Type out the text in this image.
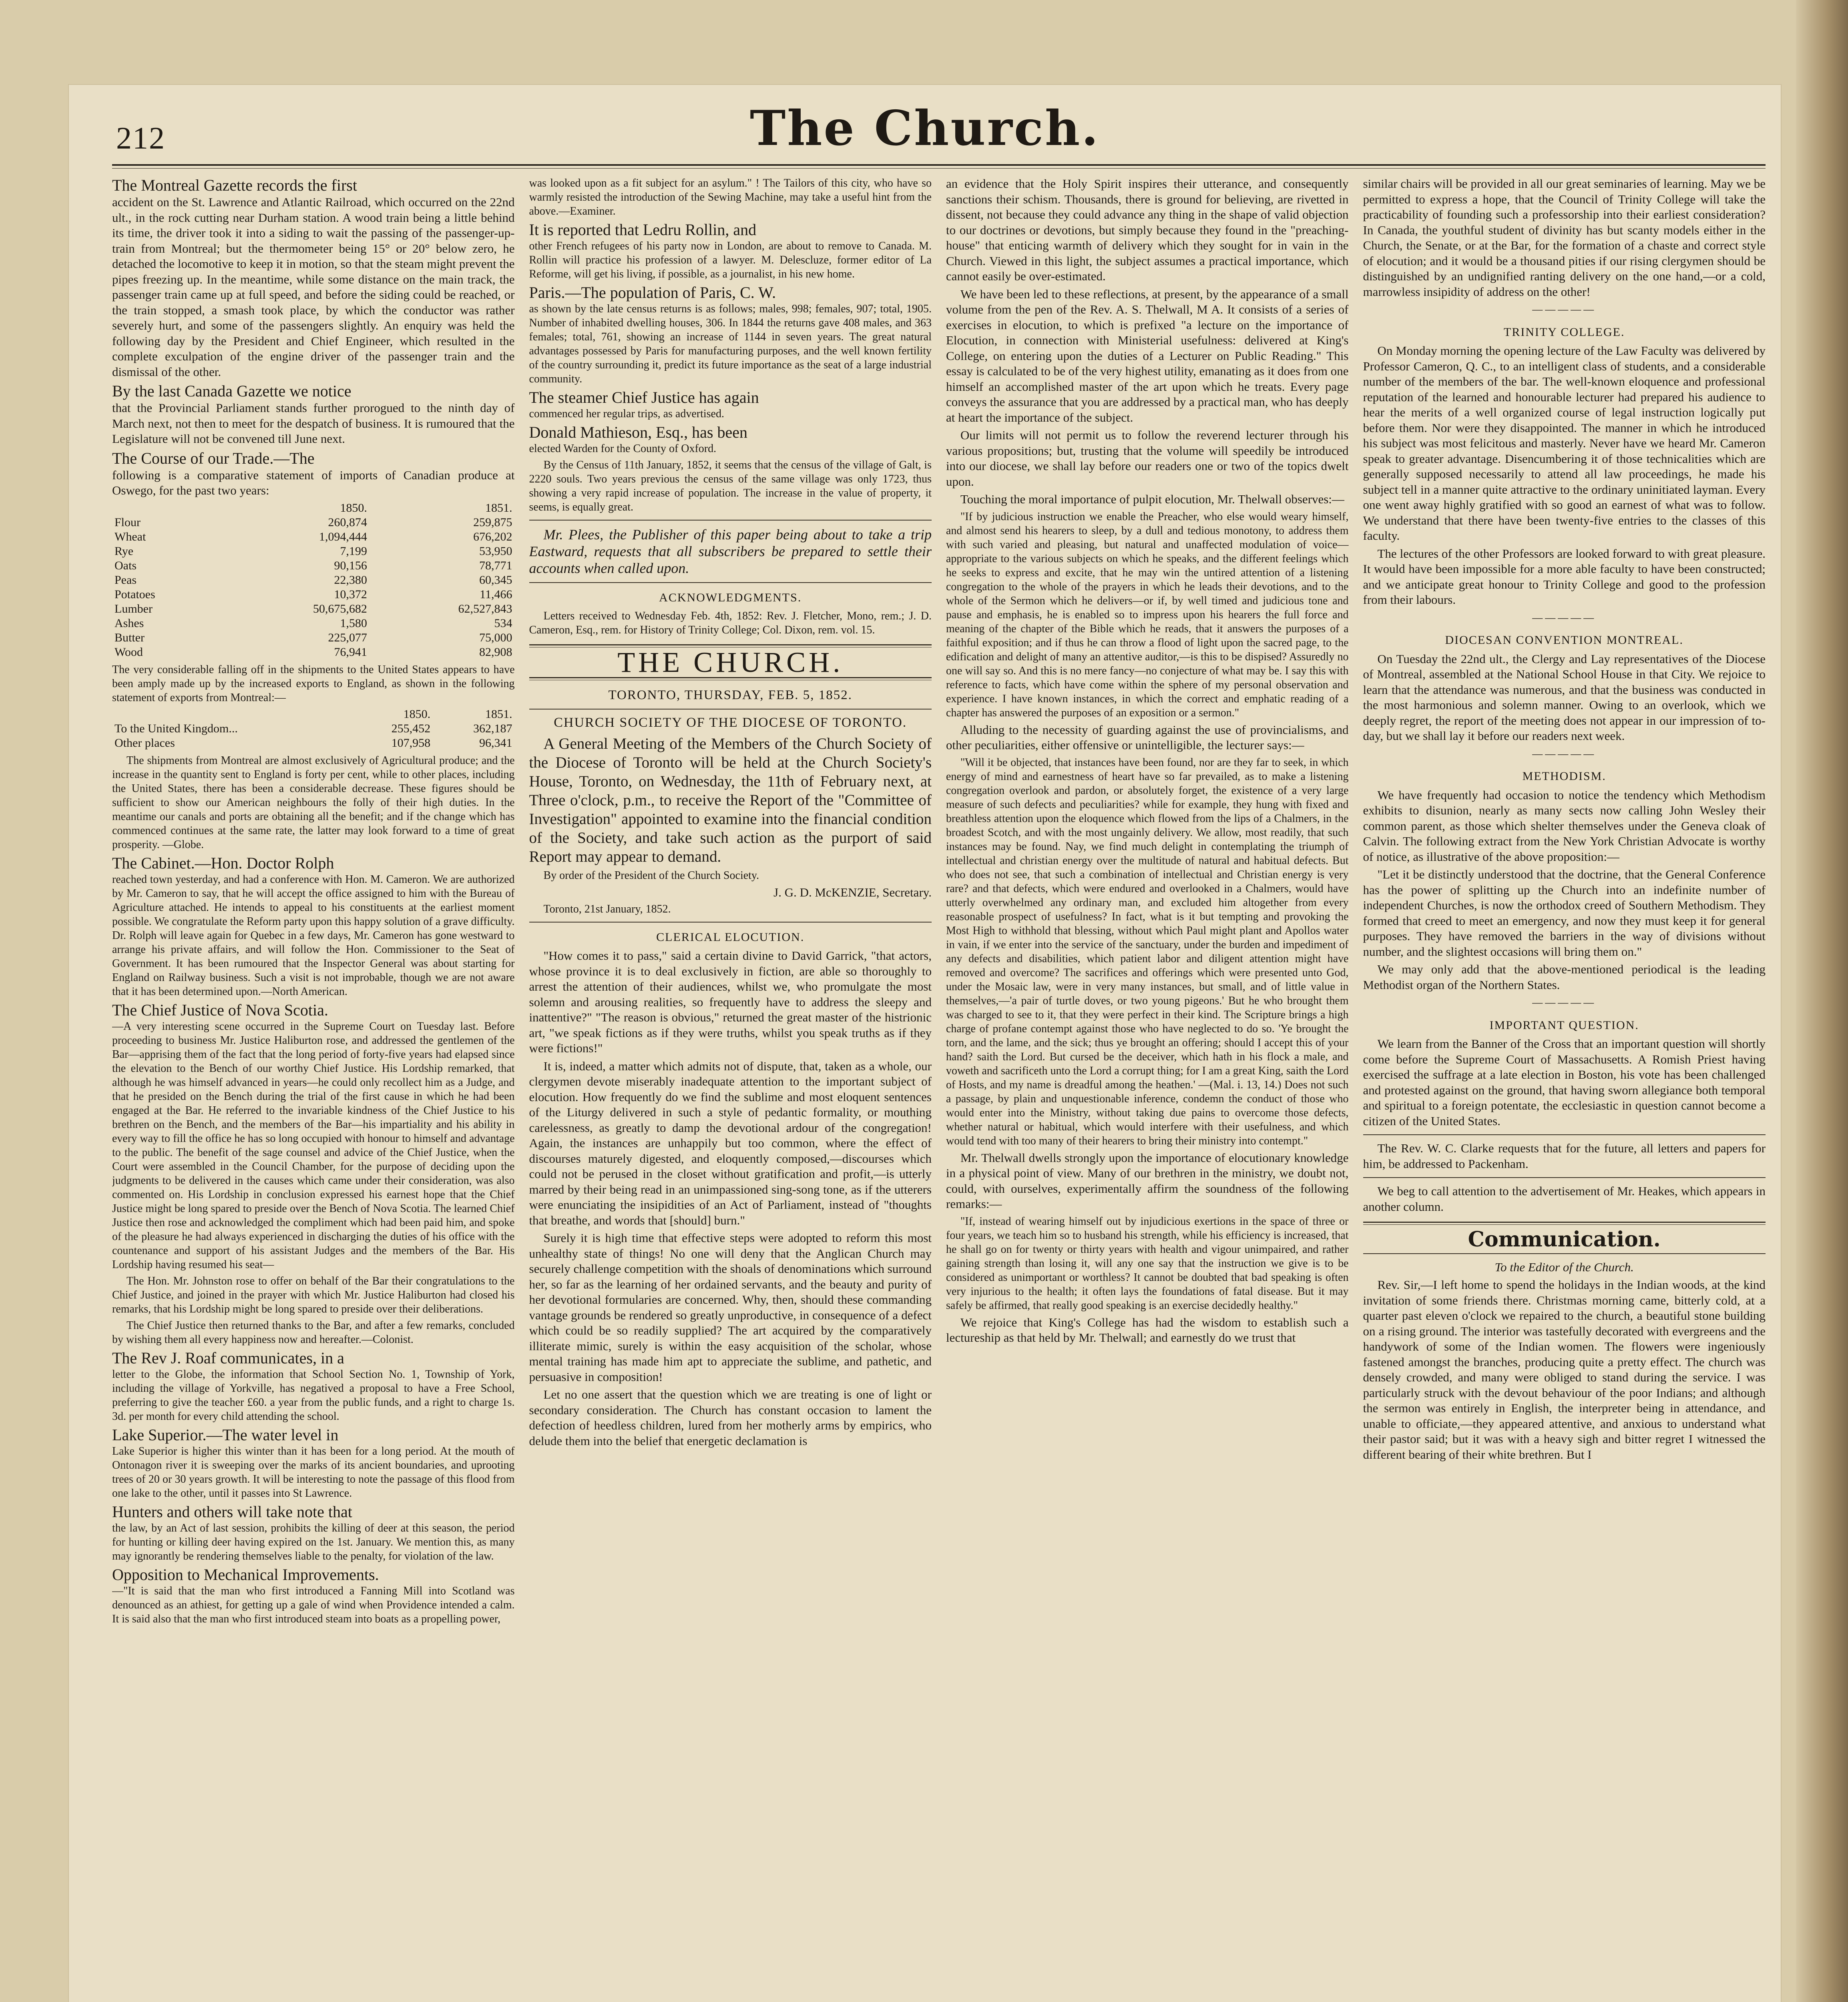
212	The Church.
The Montreal Gazette records the first

accident on the St. Lawrence and Atlantic Railroad, which occurred on the 22nd ult., in the rock cutting near Durham station. A wood train being a little behind its time, the driver took it into a siding to wait the passing of the passenger-up-train from Montreal; but the thermometer being 15° or 20° below zero, he detached the locomotive to keep it in motion, so that the steam might prevent the pipes freezing up. In the meantime, while some distance on the main track, the passenger train came up at full speed, and before the siding could be reached, or the train stopped, a smash took place, by which the conductor was rather severely hurt, and some of the passengers slightly. An enquiry was held the following day by the President and Chief Engineer, which resulted in the complete exculpation of the engine driver of the passenger train and the dismissal of the other.

By the last Canada Gazette we notice

that the Provincial Parliament stands further prorogued to the ninth day of March next, not then to meet for the despatch of business. It is rumoured that the Legislature will not be convened till June next.

The Course of our Trade.—The

following is a comparative statement of imports of Canadian produce at Oswego, for the past two years:

	1850.	1851.
Flour	260,874	259,875
Wheat	1,094,444	676,202
Rye	7,199	53,950
Oats	90,156	78,771
Peas	22,380	60,345
Potatoes	10,372	11,466
Lumber	50,675,682	62,527,843
Ashes	1,580	534
Butter	225,077	75,000
Wood	76,941	82,908

The very considerable falling off in the shipments to the United States appears to have been amply made up by the increased exports to England, as shown in the following statement of exports from Montreal:—

	1850.	1851.
To the United Kingdom...	255,452	362,187
Other places	107,958	96,341

The shipments from Montreal are almost exclusively of Agricultural produce; and the increase in the quantity sent to England is forty per cent, while to other places, including the United States, there has been a considerable decrease. These figures should be sufficient to show our American neighbours the folly of their high duties. In the meantime our canals and ports are obtaining all the benefit; and if the change which has commenced continues at the same rate, the latter may look forward to a time of great prosperity. —Globe.

The Cabinet.—Hon. Doctor Rolph

reached town yesterday, and had a conference with Hon. M. Cameron. We are authorized by Mr. Cameron to say, that he will accept the office assigned to him with the Bureau of Agriculture attached. He intends to appeal to his constituents at the earliest moment possible. We congratulate the Reform party upon this happy solution of a grave difficulty. Dr. Rolph will leave again for Quebec in a few days, Mr. Cameron has gone westward to arrange his private affairs, and will follow the Hon. Commissioner to the Seat of Government. It has been rumoured that the Inspector General was about starting for England on Railway business. Such a visit is not improbable, though we are not aware that it has been determined upon.—North American.

The Chief Justice of Nova Scotia.

—A very interesting scene occurred in the Supreme Court on Tuesday last. Before proceeding to business Mr. Justice Haliburton rose, and addressed the gentlemen of the Bar—apprising them of the fact that the long period of forty-five years had elapsed since the elevation to the Bench of our worthy Chief Justice. His Lordship remarked, that although he was himself advanced in years—he could only recollect him as a Judge, and that he presided on the Bench during the trial of the first cause in which he had been engaged at the Bar. He referred to the invariable kindness of the Chief Justice to his brethren on the Bench, and the members of the Bar—his impartiality and his ability in every way to fill the office he has so long occupied with honour to himself and advantage to the public. The benefit of the sage counsel and advice of the Chief Justice, when the Court were assembled in the Council Chamber, for the purpose of deciding upon the judgments to be delivered in the causes which came under their consideration, was also commented on. His Lordship in conclusion expressed his earnest hope that the Chief Justice might be long spared to preside over the Bench of Nova Scotia. The learned Chief Justice then rose and acknowledged the compliment which had been paid him, and spoke of the pleasure he had always experienced in discharging the duties of his office with the countenance and support of his assistant Judges and the members of the Bar. His Lordship having resumed his seat—

The Hon. Mr. Johnston rose to offer on behalf of the Bar their congratulations to the Chief Justice, and joined in the prayer with which Mr. Justice Haliburton had closed his remarks, that his Lordship might be long spared to preside over their deliberations.

The Chief Justice then returned thanks to the Bar, and after a few remarks, concluded by wishing them all every happiness now and hereafter.—Colonist.

The Rev J. Roaf communicates, in a

letter to the Globe, the information that School Section No. 1, Township of York, including the village of Yorkville, has negatived a proposal to have a Free School, preferring to give the teacher £60. a year from the public funds, and a right to charge 1s. 3d. per month for every child attending the school.

Lake Superior.—The water level in

Lake Superior is higher this winter than it has been for a long period. At the mouth of Ontonagon river it is sweeping over the marks of its ancient boundaries, and uprooting trees of 20 or 30 years growth. It will be interesting to note the passage of this flood from one lake to the other, until it passes into St Lawrence.

Hunters and others will take note that

the law, by an Act of last session, prohibits the killing of deer at this season, the period for hunting or killing deer having expired on the 1st. January. We mention this, as many may ignorantly be rendering themselves liable to the penalty, for violation of the law.

Opposition to Mechanical Improvements.

—"It is said that the man who first introduced a Fanning Mill into Scotland was denounced as an athiest, for getting up a gale of wind when Providence intended a calm. It is said also that the man who first introduced steam into boats as a propelling power,

was looked upon as a fit subject for an asylum." ! The Tailors of this city, who have so warmly resisted the introduction of the Sewing Machine, may take a useful hint from the above.—Examiner.

It is reported that Ledru Rollin, and

other French refugees of his party now in London, are about to remove to Canada. M. Rollin will practice his profession of a lawyer. M. Delescluze, former editor of La Reforme, will get his living, if possible, as a journalist, in his new home.

Paris.—The population of Paris, C. W.

as shown by the late census returns is as follows; males, 998; females, 907; total, 1905. Number of inhabited dwelling houses, 306. In 1844 the returns gave 408 males, and 363 females; total, 761, showing an increase of 1144 in seven years. The great natural advantages possessed by Paris for manufacturing purposes, and the well known fertility of the country surrounding it, predict its future importance as the seat of a large industrial community.

The steamer Chief Justice has again

commenced her regular trips, as advertised.

Donald Mathieson, Esq., has been

elected Warden for the County of Oxford.

By the Census of 11th January, 1852, it seems that the census of the village of Galt, is 2220 souls. Two years previous the census of the same village was only 1723, thus showing a very rapid increase of population. The increase in the value of property, it seems, is equally great.

Mr. Plees, the Publisher of this paper being about to take a trip Eastward, requests that all subscribers be prepared to settle their accounts when called upon.

ACKNOWLEDGMENTS.

Letters received to Wednesday Feb. 4th, 1852: Rev. J. Fletcher, Mono, rem.; J. D. Cameron, Esq., rem. for History of Trinity College; Col. Dixon, rem. vol. 15.

THE CHURCH.
TORONTO, THURSDAY, FEB. 5, 1852.
CHURCH SOCIETY OF THE DIOCESE OF TORONTO.

A General Meeting of the Members of the Church Society of the Diocese of Toronto will be held at the Church Society's House, Toronto, on Wednesday, the 11th of February next, at Three o'clock, p.m., to receive the Report of the "Committee of Investigation" appointed to examine into the financial condition of the Society, and take such action as the purport of said Report may appear to demand.

By order of the President of the Church Society.

J. G. D. McKENZIE, Secretary.

Toronto, 21st January, 1852.

CLERICAL ELOCUTION.

"How comes it to pass," said a certain divine to David Garrick, "that actors, whose province it is to deal exclusively in fiction, are able so thoroughly to arrest the attention of their audiences, whilst we, who promulgate the most solemn and arousing realities, so frequently have to address the sleepy and inattentive?" "The reason is obvious," returned the great master of the histrionic art, "we speak fictions as if they were truths, whilst you speak truths as if they were fictions!"

It is, indeed, a matter which admits not of dispute, that, taken as a whole, our clergymen devote miserably inadequate attention to the important subject of elocution. How frequently do we find the sublime and most eloquent sentences of the Liturgy delivered in such a style of pedantic formality, or mouthing carelessness, as greatly to damp the devotional ardour of the congregation! Again, the instances are unhappily but too common, where the effect of discourses maturely digested, and eloquently composed,—discourses which could not be perused in the closet without gratification and profit,—is utterly marred by their being read in an unimpassioned sing-song tone, as if the utterers were enunciating the insipidities of an Act of Parliament, instead of "thoughts that breathe, and words that [should] burn."

Surely it is high time that effective steps were adopted to reform this most unhealthy state of things! No one will deny that the Anglican Church may securely challenge competition with the shoals of denominations which surround her, so far as the learning of her ordained servants, and the beauty and purity of her devotional formularies are concerned. Why, then, should these commanding vantage grounds be rendered so greatly unproductive, in consequence of a defect which could be so readily supplied? The art acquired by the comparatively illiterate mimic, surely is within the easy acquisition of the scholar, whose mental training has made him apt to appreciate the sublime, and pathetic, and persuasive in composition!

Let no one assert that the question which we are treating is one of light or secondary consideration. The Church has constant occasion to lament the defection of heedless children, lured from her motherly arms by empirics, who delude them into the belief that energetic declamation is

an evidence that the Holy Spirit inspires their utterance, and consequently sanctions their schism. Thousands, there is ground for believing, are rivetted in dissent, not because they could advance any thing in the shape of valid objection to our doctrines or devotions, but simply because they found in the "preaching-house" that enticing warmth of delivery which they sought for in vain in the Church. Viewed in this light, the subject assumes a practical importance, which cannot easily be over-estimated.

We have been led to these reflections, at present, by the appearance of a small volume from the pen of the Rev. A. S. Thelwall, M A. It consists of a series of exercises in elocution, to which is prefixed "a lecture on the importance of Elocution, in connection with Ministerial usefulness: delivered at King's College, on entering upon the duties of a Lecturer on Public Reading." This essay is calculated to be of the very highest utility, emanating as it does from one himself an accomplished master of the art upon which he treats. Every page conveys the assurance that you are addressed by a practical man, who has deeply at heart the importance of the subject.

Our limits will not permit us to follow the reverend lecturer through his various propositions; but, trusting that the volume will speedily be introduced into our diocese, we shall lay before our readers one or two of the topics dwelt upon.

Touching the moral importance of pulpit elocution, Mr. Thelwall observes:—

"If by judicious instruction we enable the Preacher, who else would weary himself, and almost send his hearers to sleep, by a dull and tedious monotony, to address them with such varied and pleasing, but natural and unaffected modulation of voice—appropriate to the various subjects on which he speaks, and the different feelings which he seeks to express and excite, that he may win the untired attention of a listening congregation to the whole of the prayers in which he leads their devotions, and to the whole of the Sermon which he delivers—or if, by well timed and judicious tone and pause and emphasis, he is enabled so to impress upon his hearers the full force and meaning of the chapter of the Bible which he reads, that it answers the purposes of a faithful exposition; and if thus he can throw a flood of light upon the sacred page, to the edification and delight of many an attentive auditor,—is this to be dispised? Assuredly no one will say so. And this is no mere fancy—no conjecture of what may be. I say this with reference to facts, which have come within the sphere of my personal observation and experience. I have known instances, in which the correct and emphatic reading of a chapter has answered the purposes of an exposition or a sermon."

Alluding to the necessity of guarding against the use of provincialisms, and other peculiarities, either offensive or unintelligible, the lecturer says:—

"Will it be objected, that instances have been found, nor are they far to seek, in which energy of mind and earnestness of heart have so far prevailed, as to make a listening congregation overlook and pardon, or absolutely forget, the existence of a very large measure of such defects and peculiarities? while for example, they hung with fixed and breathless attention upon the eloquence which flowed from the lips of a Chalmers, in the broadest Scotch, and with the most ungainly delivery. We allow, most readily, that such instances may be found. Nay, we find much delight in contemplating the triumph of intellectual and christian energy over the multitude of natural and habitual defects. But who does not see, that such a combination of intellectual and Christian energy is very rare? and that defects, which were endured and overlooked in a Chalmers, would have utterly overwhelmed any ordinary man, and excluded him altogether from every reasonable prospect of usefulness? In fact, what is it but tempting and provoking the Most High to withhold that blessing, without which Paul might plant and Apollos water in vain, if we enter into the service of the sanctuary, under the burden and impediment of any defects and disabilities, which patient labor and diligent attention might have removed and overcome? The sacrifices and offerings which were presented unto God, under the Mosaic law, were in very many instances, but small, and of little value in themselves,—'a pair of turtle doves, or two young pigeons.' But he who brought them was charged to see to it, that they were perfect in their kind. The Scripture brings a high charge of profane contempt against those who have neglected to do so. 'Ye brought the torn, and the lame, and the sick; thus ye brought an offering; should I accept this of your hand? saith the Lord. But cursed be the deceiver, which hath in his flock a male, and voweth and sacrificeth unto the Lord a corrupt thing; for I am a great King, saith the Lord of Hosts, and my name is dreadful among the heathen.' —(Mal. i. 13, 14.) Does not such a passage, by plain and unquestionable inference, condemn the conduct of those who would enter into the Ministry, without taking due pains to overcome those defects, whether natural or habitual, which would interfere with their usefulness, and which would tend with too many of their hearers to bring their ministry into contempt."

Mr. Thelwall dwells strongly upon the importance of elocutionary knowledge in a physical point of view. Many of our brethren in the ministry, we doubt not, could, with ourselves, experimentally affirm the soundness of the following remarks:—

"If, instead of wearing himself out by injudicious exertions in the space of three or four years, we teach him so to husband his strength, while his efficiency is increased, that he shall go on for twenty or thirty years with health and vigour unimpaired, and rather gaining strength than losing it, will any one say that the instruction we give is to be considered as unimportant or worthless? It cannot be doubted that bad speaking is often very injurious to the health; it often lays the foundations of fatal disease. But it may safely be affirmed, that really good speaking is an exercise decidedly healthy."

We rejoice that King's College has had the wisdom to establish such a lectureship as that held by Mr. Thelwall; and earnestly do we trust that

similar chairs will be provided in all our great seminaries of learning. May we be permitted to express a hope, that the Council of Trinity College will take the practicability of founding such a professorship into their earliest consideration? In Canada, the youthful student of divinity has but scanty models either in the Church, the Senate, or at the Bar, for the formation of a chaste and correct style of elocution; and it would be a thousand pities if our rising clergymen should be distinguished by an undignified ranting delivery on the one hand,—or a cold, marrowless insipidity of address on the other!

―――――
TRINITY COLLEGE.

On Monday morning the opening lecture of the Law Faculty was delivered by Professor Cameron, Q. C., to an intelligent class of students, and a considerable number of the members of the bar. The well-known eloquence and professional reputation of the learned and honourable lecturer had prepared his audience to hear the merits of a well organized course of legal instruction logically put before them. Nor were they disappointed. The manner in which he introduced his subject was most felicitous and masterly. Never have we heard Mr. Cameron speak to greater advantage. Disencumbering it of those technicalities which are generally supposed necessarily to attend all law proceedings, he made his subject tell in a manner quite attractive to the ordinary uninitiated layman. Every one went away highly gratified with so good an earnest of what was to follow. We understand that there have been twenty-five entries to the classes of this faculty.

The lectures of the other Professors are looked forward to with great pleasure. It would have been impossible for a more able faculty to have been constructed; and we anticipate great honour to Trinity College and good to the profession from their labours.

―――――
DIOCESAN CONVENTION MONTREAL.

On Tuesday the 22nd ult., the Clergy and Lay representatives of the Diocese of Montreal, assembled at the National School House in that City. We rejoice to learn that the attendance was numerous, and that the business was conducted in the most harmonious and solemn manner. Owing to an overlook, which we deeply regret, the report of the meeting does not appear in our impression of to-day, but we shall lay it before our readers next week.

―――――
METHODISM.

We have frequently had occasion to notice the tendency which Methodism exhibits to disunion, nearly as many sects now calling John Wesley their common parent, as those which shelter themselves under the Geneva cloak of Calvin. The following extract from the New York Christian Advocate is worthy of notice, as illustrative of the above proposition:—

"Let it be distinctly understood that the doctrine, that the General Conference has the power of splitting up the Church into an indefinite number of independent Churches, is now the orthodox creed of Southern Methodism. They formed that creed to meet an emergency, and now they must keep it for general purposes. They have removed the barriers in the way of divisions without number, and the slightest occasions will bring them on."

We may only add that the above-mentioned periodical is the leading Methodist organ of the Northern States.

―――――
IMPORTANT QUESTION.

We learn from the Banner of the Cross that an important question will shortly come before the Supreme Court of Massachusetts. A Romish Priest having exercised the suffrage at a late election in Boston, his vote has been challenged and protested against on the ground, that having sworn allegiance both temporal and spiritual to a foreign potentate, the ecclesiastic in question cannot become a citizen of the United States.

The Rev. W. C. Clarke requests that for the future, all letters and papers for him, be addressed to Packenham.

We beg to call attention to the advertisement of Mr. Heakes, which appears in another column.

Communication.

To the Editor of the Church.

Rev. Sir,—I left home to spend the holidays in the Indian woods, at the kind invitation of some friends there. Christmas morning came, bitterly cold, at a quarter past eleven o'clock we repaired to the church, a beautiful stone building on a rising ground. The interior was tastefully decorated with evergreens and the handywork of some of the Indian women. The flowers were ingeniously fastened amongst the branches, producing quite a pretty effect. The church was densely crowded, and many were obliged to stand during the service. I was particularly struck with the devout behaviour of the poor Indians; and although the sermon was entirely in English, the interpreter being in attendance, and unable to officiate,—they appeared attentive, and anxious to understand what their pastor said; but it was with a heavy sigh and bitter regret I witnessed the different bearing of their white brethren. But I
